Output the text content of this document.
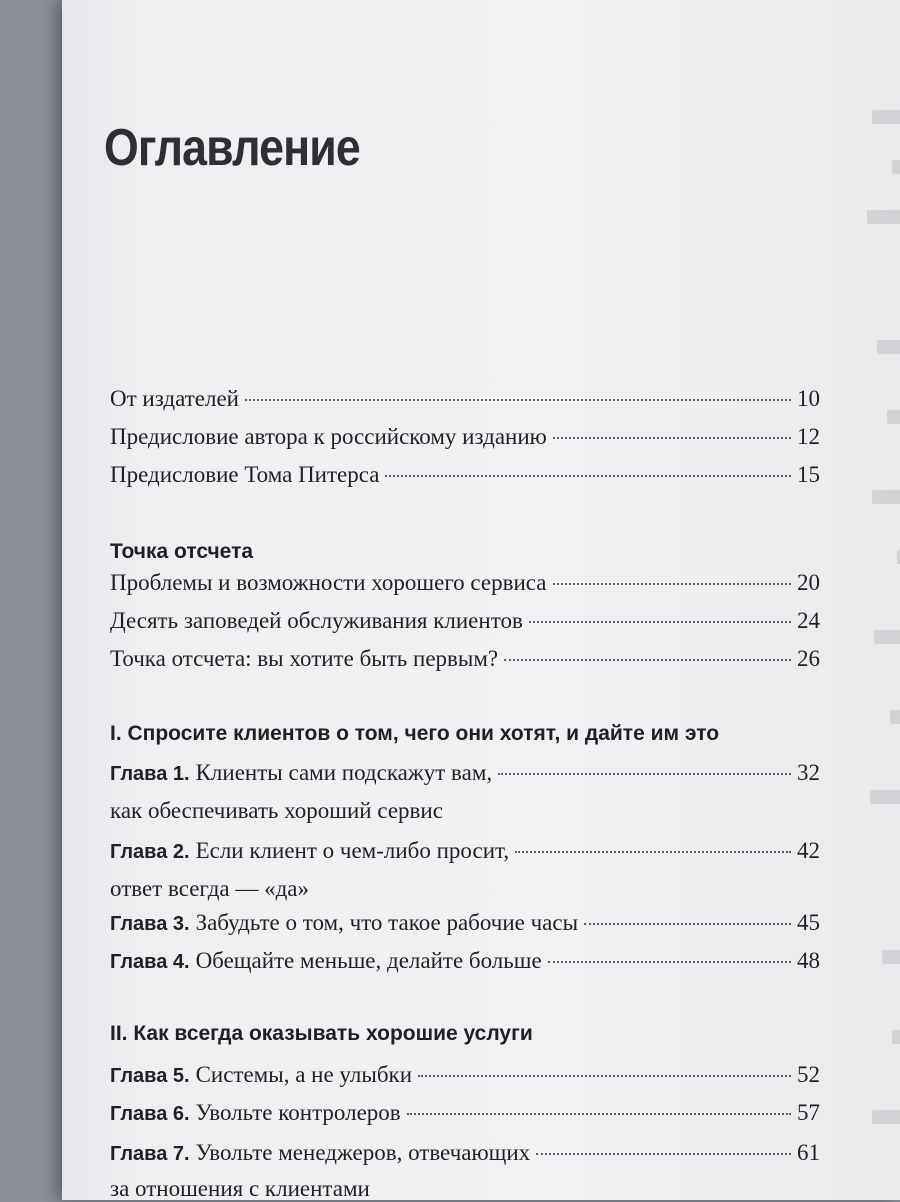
Оглавление
От издателей	10
Предисловие автора к российскому изданию	12
Предисловие Тома Питерса	15
Точка отсчета
Проблемы и возможности хорошего сервиса	20
Десять заповедей обслуживания клиентов	24
Точка отсчета: вы хотите быть первым?	26
I. Спросите клиентов о том, чего они хотят, и дайте им это
Глава 1. Клиенты сами подскажут вам,	32
как обеспечивать хороший сервис
Глава 2. Если клиент о чем-либо просит,	42
ответ всегда — «да»
Глава 3. Забудьте о том, что такое рабочие часы	45
Глава 4. Обещайте меньше, делайте больше	48
II. Как всегда оказывать хорошие услуги
Глава 5. Системы, а не улыбки	52
Глава 6. Увольте контролеров	57
Глава 7. Увольте менеджеров, отвечающих	61
за отношения с клиентами
